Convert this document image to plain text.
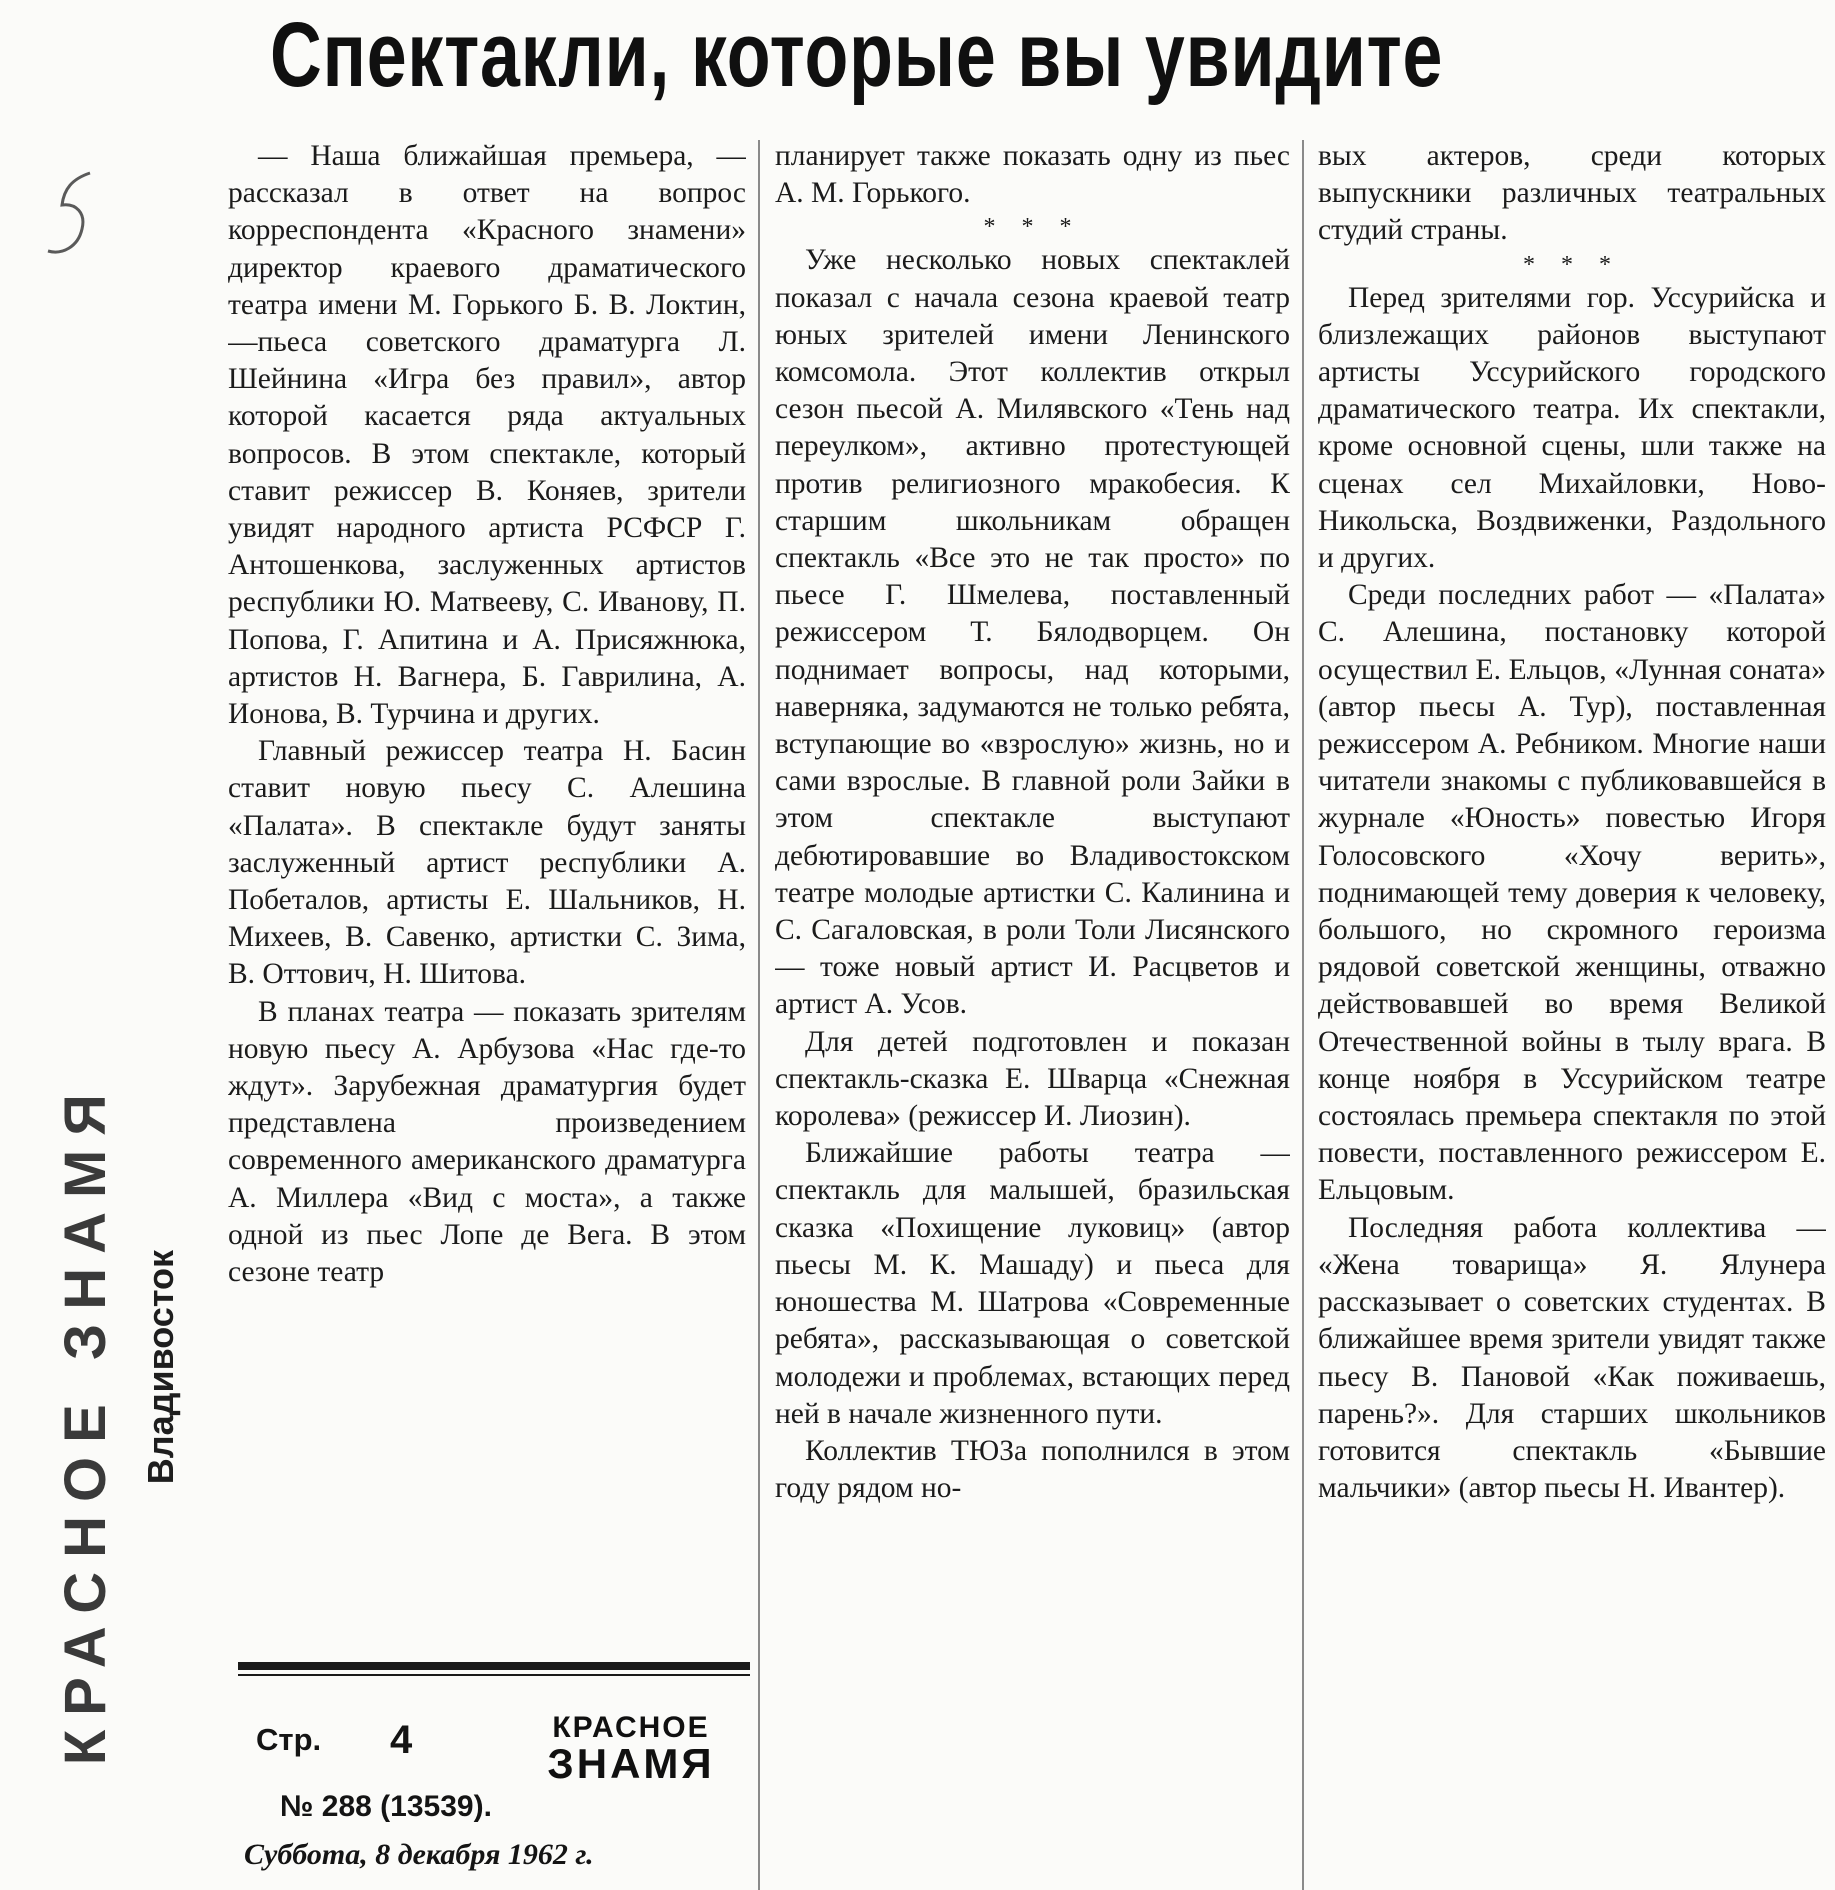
Спектакли, которые вы увидите
КРАСНОЕ ЗНАМЯ Владивосток

— Наша ближайшая премьера, — рассказал в ответ на вопрос корреспондента «Красного знамени» директор краевого драматического театра имени М. Горького Б. В. Локтин,—пьеса советского драматурга Л. Шейнина «Игра без правил», автор которой касается ряда актуальных вопросов. В этом спектакле, который ставит режиссер В. Коняев, зрители увидят народного артиста РСФСР Г. Антошенкова, заслуженных артистов республики Ю. Матвееву, С. Иванову, П. Попова, Г. Апитина и А. Присяжнюка, артистов Н. Вагнера, Б. Гаврилина, А. Ионова, В. Турчина и других.

Главный режиссер театра Н. Басин ставит новую пьесу С. Алешина «Палата». В спектакле будут заняты заслуженный артист республики А. Побеталов, артисты Е. Шальников, Н. Михеев, В. Савенко, артистки С. Зима, В. Оттович, Н. Шитова.

В планах театра — показать зрителям новую пьесу А. Арбузова «Нас где-то ждут». Зарубежная драматургия будет представлена произведением современного американского драматурга А. Миллера «Вид с моста», а также одной из пьес Лопе де Вега. В этом сезоне театр

планирует также показать одну из пьес А. М. Горького.

* * *

Уже несколько новых спектаклей показал с начала сезона краевой театр юных зрителей имени Ленинского комсомола. Этот коллектив открыл сезон пьесой А. Милявского «Тень над переулком», активно протестующей против религиозного мракобесия. К старшим школьникам обращен спектакль «Все это не так просто» по пьесе Г. Шмелева, поставленный режиссером Т. Бялодворцем. Он поднимает вопросы, над которыми, наверняка, задумаются не только ребята, вступающие во «взрослую» жизнь, но и сами взрослые. В главной роли Зайки в этом спектакле выступают дебютировавшие во Владивостокском театре молодые артистки С. Калинина и С. Сагаловская, в роли Толи Лисянского — тоже новый артист И. Расцветов и артист А. Усов.

Для детей подготовлен и показан спектакль-сказка Е. Шварца «Снежная королева» (режиссер И. Лиозин).

Ближайшие работы театра — спектакль для малышей, бразильская сказка «Похищение луковиц» (автор пьесы М. К. Машаду) и пьеса для юношества М. Шатрова «Современные ребята», рассказывающая о советской молодежи и проблемах, встающих перед ней в начале жизненного пути.

Коллектив ТЮЗа пополнился в этом году рядом но-

вых актеров, среди которых выпускники различных театральных студий страны.

* * *

Перед зрителями гор. Уссурийска и близлежащих районов выступают артисты Уссурийского городского драматического театра. Их спектакли, кроме основной сцены, шли также на сценах сел Михайловки, Ново-Никольска, Воздвиженки, Раздольного и других.

Среди последних работ — «Палата» С. Алешина, постановку которой осуществил Е. Ельцов, «Лунная соната» (автор пьесы А. Тур), поставленная режиссером А. Ребником. Многие наши читатели знакомы с публиковавшейся в журнале «Юность» повестью Игоря Голосовского «Хочу верить», поднимающей тему доверия к человеку, большого, но скромного героизма рядовой советской женщины, отважно действовавшей во время Великой Отечественной войны в тылу врага. В конце ноября в Уссурийском театре состоялась премьера спектакля по этой повести, поставленного режиссером Е. Ельцовым.

Последняя работа коллектива — «Жена товарища» Я. Ялунера рассказывает о советских студентах. В ближайшее время зрители увидят также пьесу В. Пановой «Как поживаешь, парень?». Для старших школьников готовится спектакль «Бывшие мальчики» (автор пьесы Н. Ивантер).

Стр. 4	КРАСНОЕ
ЗНАМЯ
№ 288 (13539).
Суббота, 8 декабря 1962 г.
